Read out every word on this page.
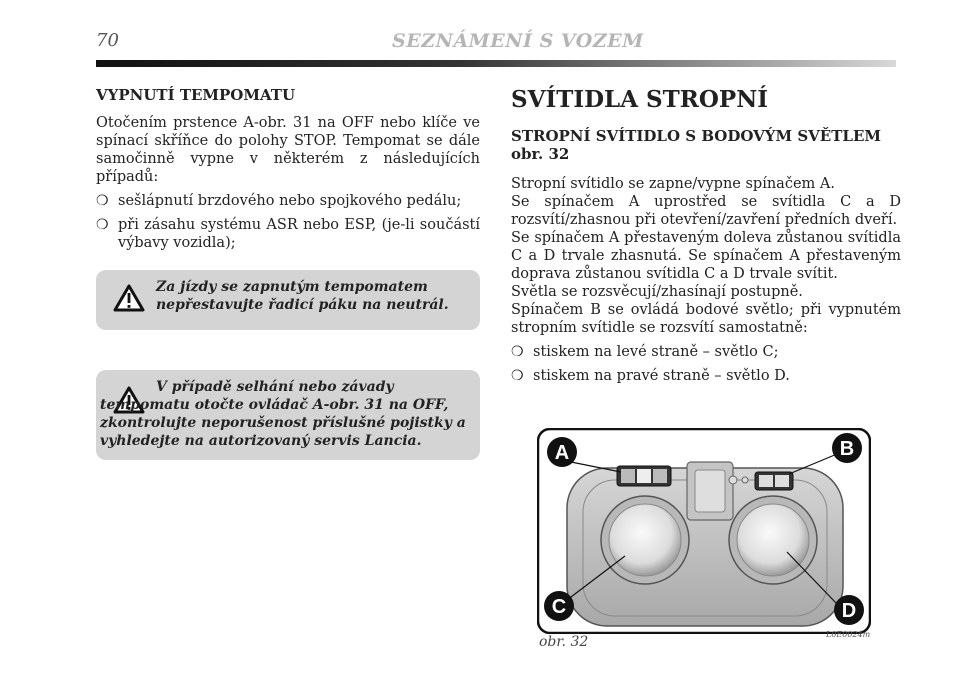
70	SEZNÁMENÍ S VOZEM
VYPNUTÍ TEMPOMATU

Otočením prstence A-obr. 31 na OFF nebo klíče ve spínací skříňce do polohy STOP. Tempomat se dále samočinně vypne v některém z následujících případů:

❍ sešlápnutí brzdového nebo spojkového pedálu;
❍ při zásahu systému ASR nebo ESP, (je-li součástí výbavy vozidla);
Za jízdy se zapnutým tempomatem nepřestavujte řadicí páku na neutrál.
V případě selhání nebo závady tempomatu otočte ovládač A-obr. 31 na OFF, zkontrolujte neporušenost příslušné pojistky a vyhledejte na autorizovaný servis Lancia.
SVÍTIDLA STROPNÍ
STROPNÍ SVÍTIDLO S BODOVÝM SVĚTLEM
obr. 32

Stropní svítidlo se zapne/vypne spínačem A.

Se spínačem A uprostřed se svítidla C a D rozsvítí/zhasnou při otevření/zavření předních dveří.

Se spínačem A přestaveným doleva zůstanou svítidla C a D trvale zhasnutá. Se spínačem A přestaveným doprava zůstanou svítidla C a D trvale svítit.

Světla se rozsvěcují/zhasínají postupně.

Spínačem B se ovládá bodové světlo; při vypnutém stropním svítidle se rozsvítí samostatně:

❍ stiskem na levé straně – světlo C;
❍ stiskem na pravé straně – světlo D.
A	B
C	D
obr. 32	L0E0024m
